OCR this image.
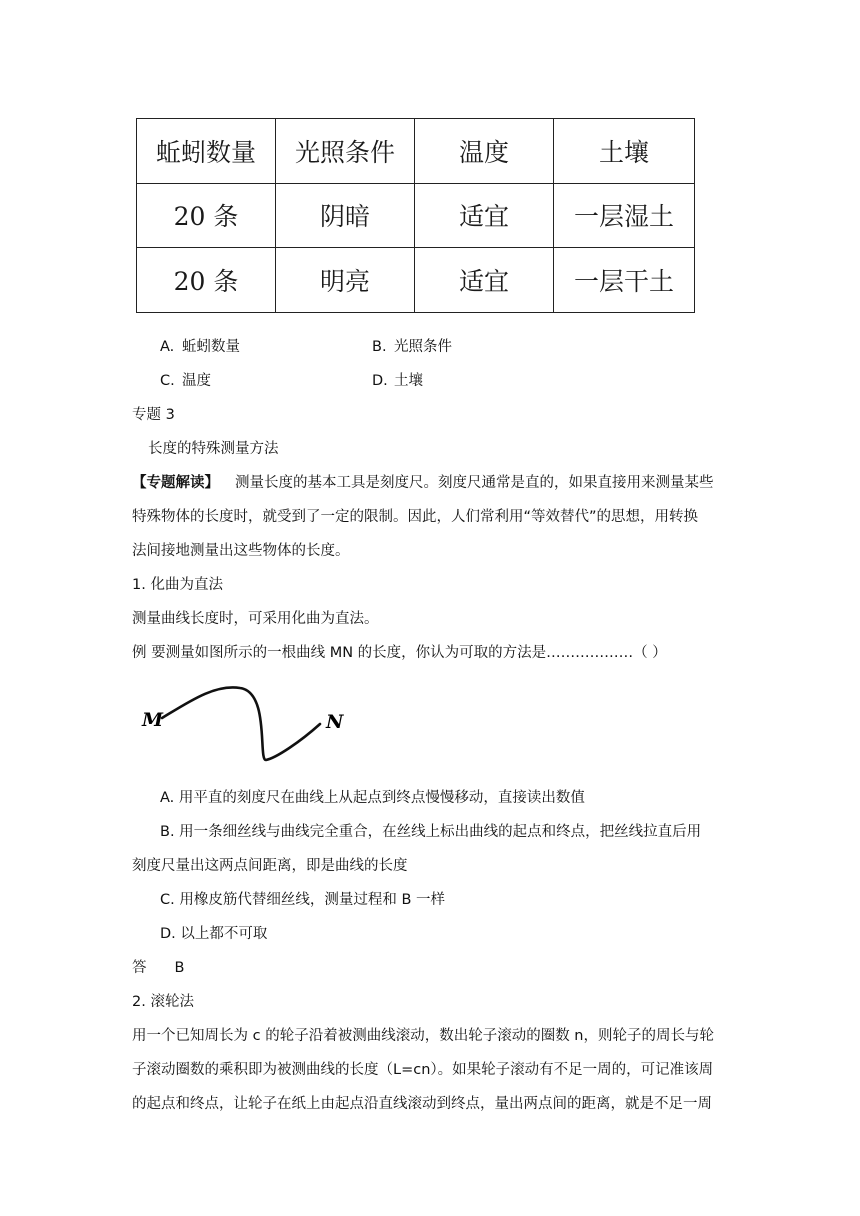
蚯蚓数量	光照条件	温度	土壤
20 条	阴暗	适宜	一层湿土
20 条	明亮	适宜	一层干土
A. 蚯蚓数量	B. 光照条件
C. 温度	D. 土壤
专题 3
长度的特殊测量方法
【专题解读】 测量长度的基本工具是刻度尺。刻度尺通常是直的，如果直接用来测量某些
特殊物体的长度时，就受到了一定的限制。因此，人们常利用“等效替代”的思想，用转换
法间接地测量出这些物体的长度。
1. 化曲为直法
测量曲线长度时，可采用化曲为直法。
例 要测量如图所示的一根曲线 MN 的长度，你认为可取的方法是………………（ ）
M	N
A. 用平直的刻度尺在曲线上从起点到终点慢慢移动，直接读出数值
B. 用一条细丝线与曲线完全重合，在丝线上标出曲线的起点和终点，把丝线拉直后用
刻度尺量出这两点间距离，即是曲线的长度
C. 用橡皮筋代替细丝线，测量过程和 B 一样
D. 以上都不可取
答 B
2. 滚轮法
用一个已知周长为 c 的轮子沿着被测曲线滚动，数出轮子滚动的圈数 n，则轮子的周长与轮
子滚动圈数的乘积即为被测曲线的长度（L=cn）。如果轮子滚动有不足一周的，可记准该周
的起点和终点，让轮子在纸上由起点沿直线滚动到终点，量出两点间的距离，就是不足一周
